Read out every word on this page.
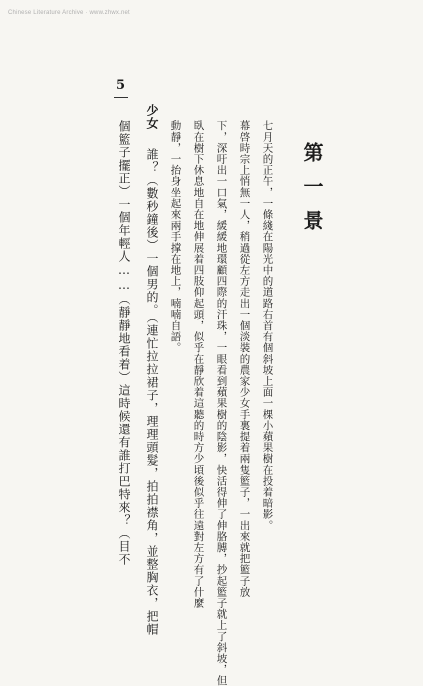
Chinese Literature Archive · www.zhwx.net
5
第一景
七月天的正午，一條綫在陽光中的道路右首有個斜坡上面一棵小蘋果樹在投着暗影。
幕啓時宗上悄無一人，稍過從左方走出一個淡裝的農家少女手裏提着兩隻籃子，一出來就把籃子放
下，深吁出一口氣，緩緩地環顧四際的汗珠，一眼看到蘋果樹的陰影，快活得伸了伸胳膊，抄起籃子就上了斜坡，但
臥在樹下休息地自在地伸展着四肢仰起頭，似乎在靜欣着這聽的時方少頃後似乎往遠對左方有了什麼
動靜，一抬身坐起來兩手撑在地上，喃喃自語。
少女
誰？（數秒鐘後）一個男的。（連忙拉拉裙子，理理頭髮，拍拍襟角，並整胸衣，把帽
個籃子擺正）一個年輕人……（靜靜地看着）這時候還有誰打巴特來？（目不
